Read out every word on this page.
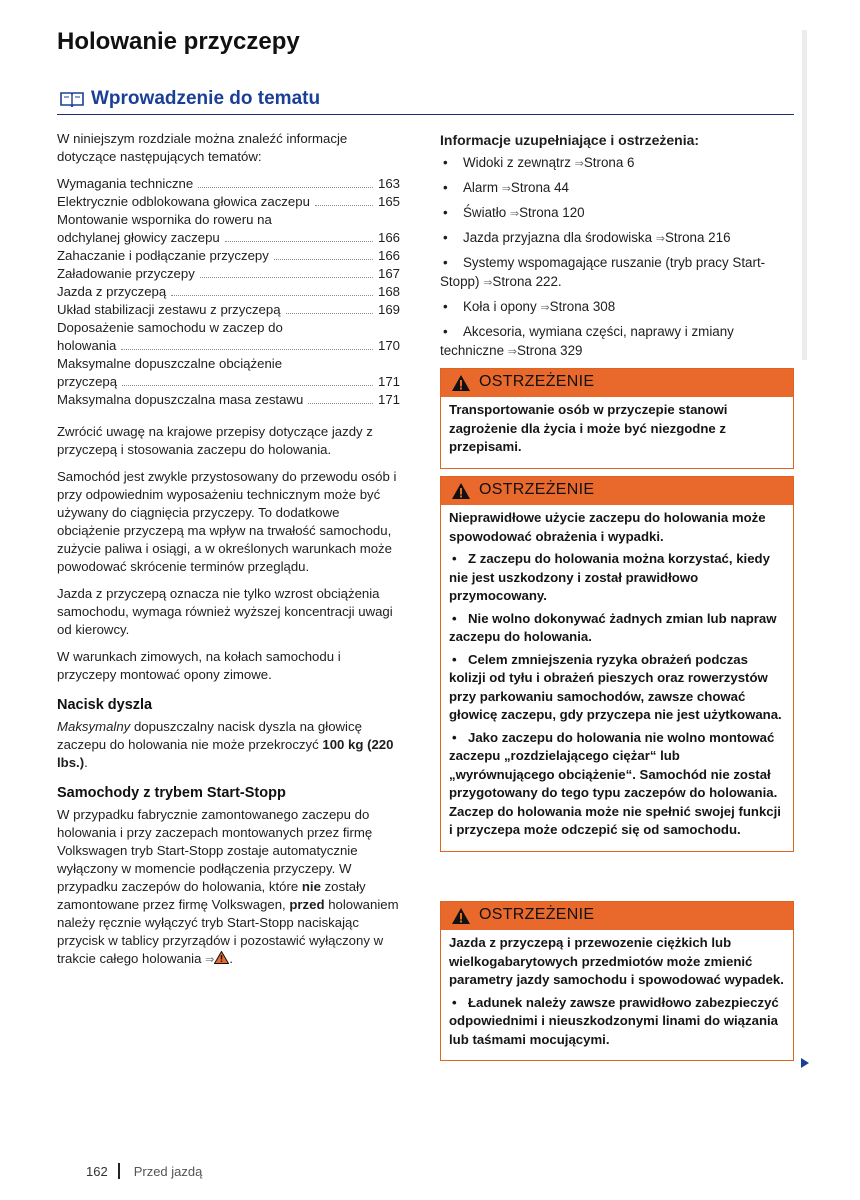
Holowanie przyczepy
Wprowadzenie do tematu

W niniejszym rozdziale można znaleźć informacje dotyczące następujących tematów:

Wymagania techniczne	163
Elektrycznie odblokowana głowica zaczepu	165
Montowanie wspornika do roweru na
odchylanej głowicy zaczepu	166
Zahaczanie i podłączanie przyczepy	166
Załadowanie przyczepy	167
Jazda z przyczepą	168
Układ stabilizacji zestawu z przyczepą	169
Doposażenie samochodu w zaczep do
holowania	170
Maksymalne dopuszczalne obciążenie
przyczepą	171
Maksymalna dopuszczalna masa zestawu	171

Zwrócić uwagę na krajowe przepisy dotyczące jazdy z przyczepą i stosowania zaczepu do holowania.

Samochód jest zwykle przystosowany do przewodu osób i przy odpowiednim wyposażeniu technicznym może być używany do ciągnięcia przyczepy. To dodatkowe obciążenie przyczepą ma wpływ na trwałość samochodu, zużycie paliwa i osiągi, a w określonych warunkach może powodować skrócenie terminów przeglądu.

Jazda z przyczepą oznacza nie tylko wzrost obciążenia samochodu, wymaga również wyższej koncentracji uwagi od kierowcy.

W warunkach zimowych, na kołach samochodu i przyczepy montować opony zimowe.

Nacisk dyszla

Maksymalny dopuszczalny nacisk dyszla na głowicę zaczepu do holowania nie może przekroczyć 100 kg (220 lbs.).

Samochody z trybem Start-Stopp

W przypadku fabrycznie zamontowanego zaczepu do holowania i przy zaczepach montowanych przez firmę Volkswagen tryb Start-Stopp zostaje automatycznie wyłączony w momencie podłączenia przyczepy. W przypadku zaczepów do holowania, które nie zostały zamontowane przez firmę Volkswagen, przed holowaniem należy ręcznie wyłączyć tryb Start-Stopp naciskając przycisk w tablicy przyrządów i pozostawić wyłączony w trakcie całego holowania ⇒ .

Informacje uzupełniające i ostrzeżenia:
• Widoki z zewnątrz ⇒Strona 6
• Alarm ⇒Strona 44
• Światło ⇒Strona 120
• Jazda przyjazna dla środowiska ⇒Strona 216
• Systemy wspomagające ruszanie (tryb pracy Start-Stopp) ⇒Strona 222.
• Koła i opony ⇒Strona 308
• Akcesoria, wymiana części, naprawy i zmiany techniczne ⇒Strona 329
OSTRZEŻENIE

Transportowanie osób w przyczepie stanowi zagrożenie dla życia i może być niezgodne z przepisami.

OSTRZEŻENIE

Nieprawidłowe użycie zaczepu do holowania może spowodować obrażenia i wypadki.

• Z zaczepu do holowania można korzystać, kiedy nie jest uszkodzony i został prawidłowo przymocowany.

• Nie wolno dokonywać żadnych zmian lub napraw zaczepu do holowania.

• Celem zmniejszenia ryzyka obrażeń podczas kolizji od tyłu i obrażeń pieszych oraz rowerzystów przy parkowaniu samochodów, zawsze chować głowicę zaczepu, gdy przyczepa nie jest użytkowana.

• Jako zaczepu do holowania nie wolno montować zaczepu „rozdzielającego ciężar“ lub „wyrównującego obciążenie“. Samochód nie został przygotowany do tego typu zaczepów do holowania. Zaczep do holowania może nie spełnić swojej funkcji i przyczepa może odczepić się od samochodu.

OSTRZEŻENIE

Jazda z przyczepą i przewozenie ciężkich lub wielkogabarytowych przedmiotów może zmienić parametry jazdy samochodu i spowodować wypadek.

• Ładunek należy zawsze prawidłowo zabezpieczyć odpowiednimi i nieuszkodzonymi linami do wiązania lub taśmami mocującymi.

162 Przed jazdą
